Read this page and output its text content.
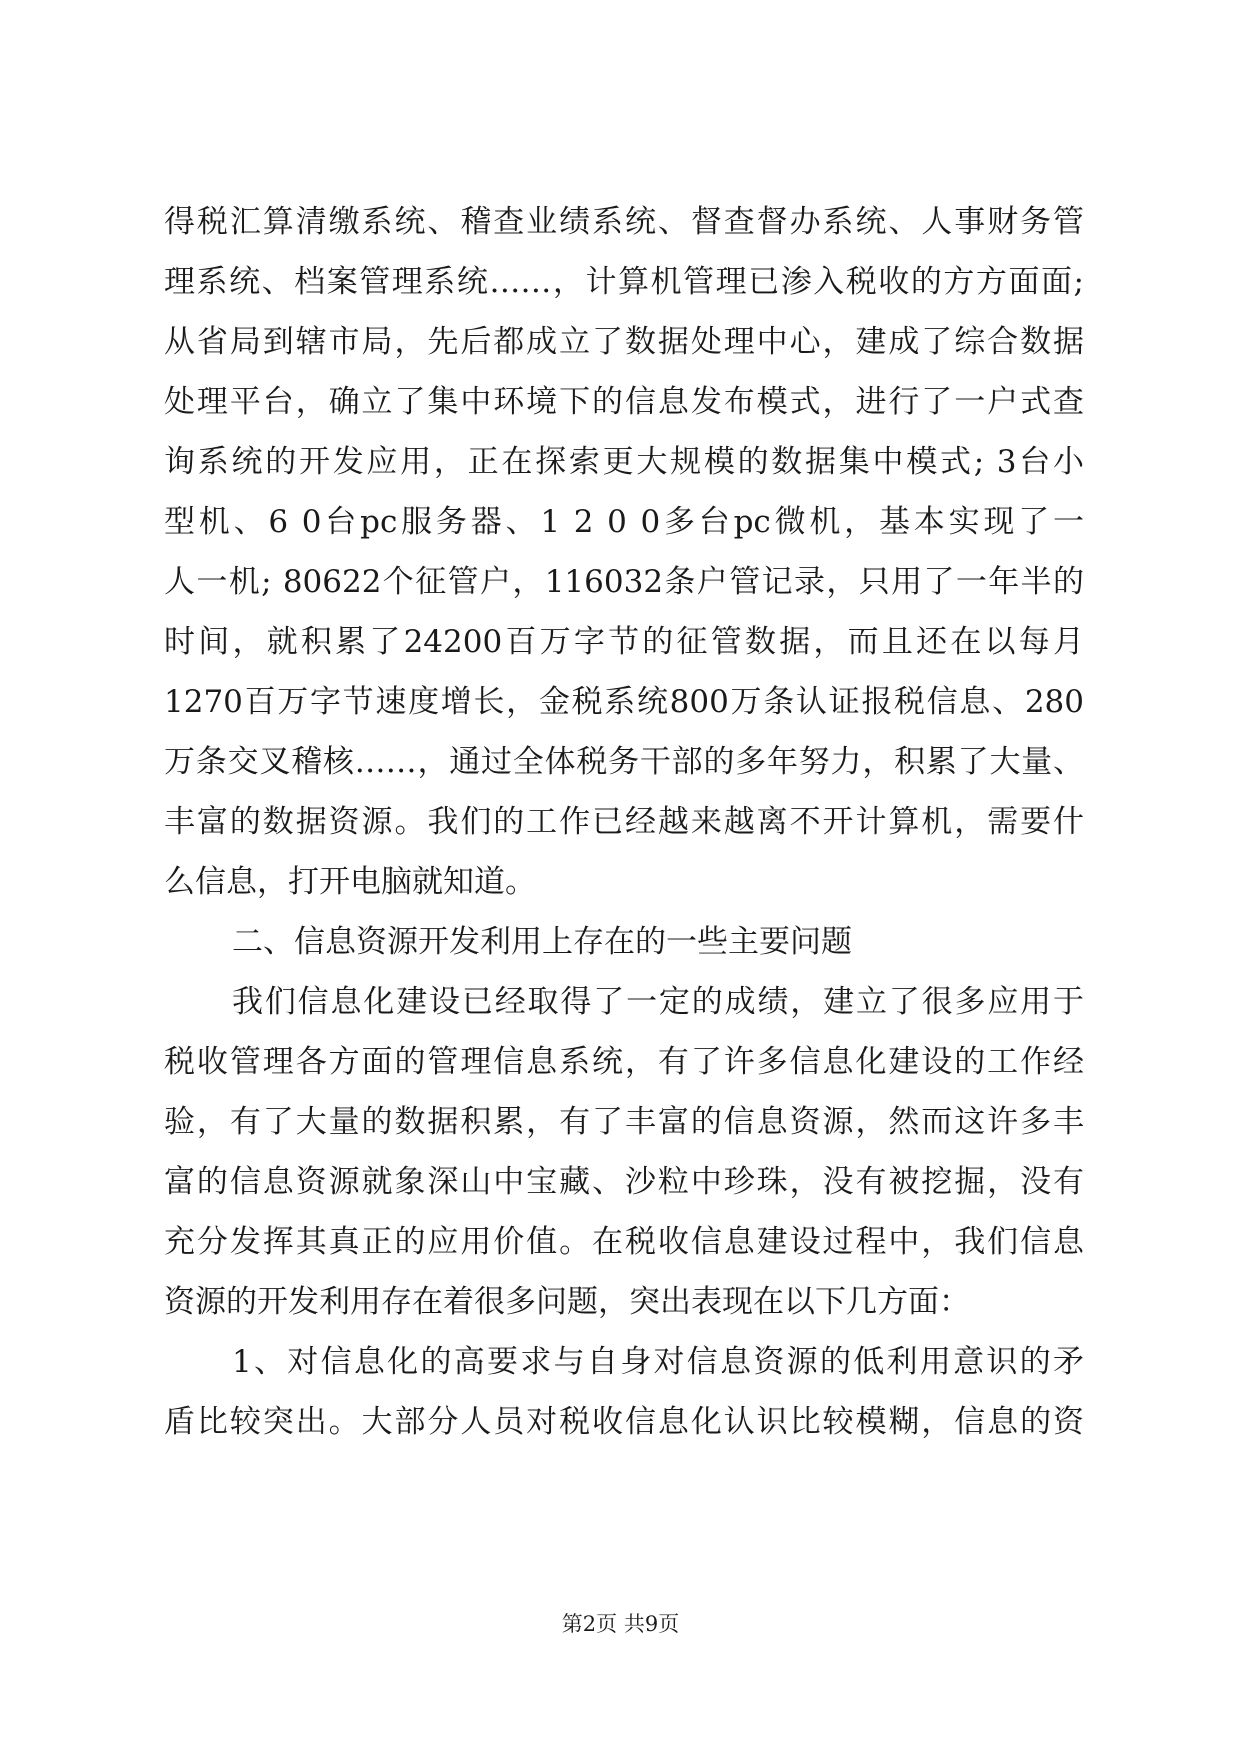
得税汇算清缴系统、稽查业绩系统、督查督办系统、人事财务管
理系统、档案管理系统……，计算机管理已渗入税收的方方面面;
从省局到辖市局，先后都成立了数据处理中心，建成了综合数据
处理平台，确立了集中环境下的信息发布模式，进行了一户式查
询系统的开发应用，正在探索更大规模的数据集中模式; 3台小
型机、6 0台pc服务器、1 2 0 0多台pc微机，基本实现了一
人一机; 80622个征管户，116032条户管记录，只用了一年半的
时间，就积累了24200百万字节的征管数据，而且还在以每月
1270百万字节速度增长，金税系统800万条认证报税信息、280
万条交叉稽核……，通过全体税务干部的多年努力，积累了大量、
丰富的数据资源。我们的工作已经越来越离不开计算机，需要什
么信息，打开电脑就知道。
二、信息资源开发利用上存在的一些主要问题
我们信息化建设已经取得了一定的成绩，建立了很多应用于
税收管理各方面的管理信息系统，有了许多信息化建设的工作经
验，有了大量的数据积累，有了丰富的信息资源，然而这许多丰
富的信息资源就象深山中宝藏、沙粒中珍珠，没有被挖掘，没有
充分发挥其真正的应用价值。在税收信息建设过程中，我们信息
资源的开发利用存在着很多问题，突出表现在以下几方面：
1、对信息化的高要求与自身对信息资源的低利用意识的矛
盾比较突出。大部分人员对税收信息化认识比较模糊，信息的资
第2页 共9页
